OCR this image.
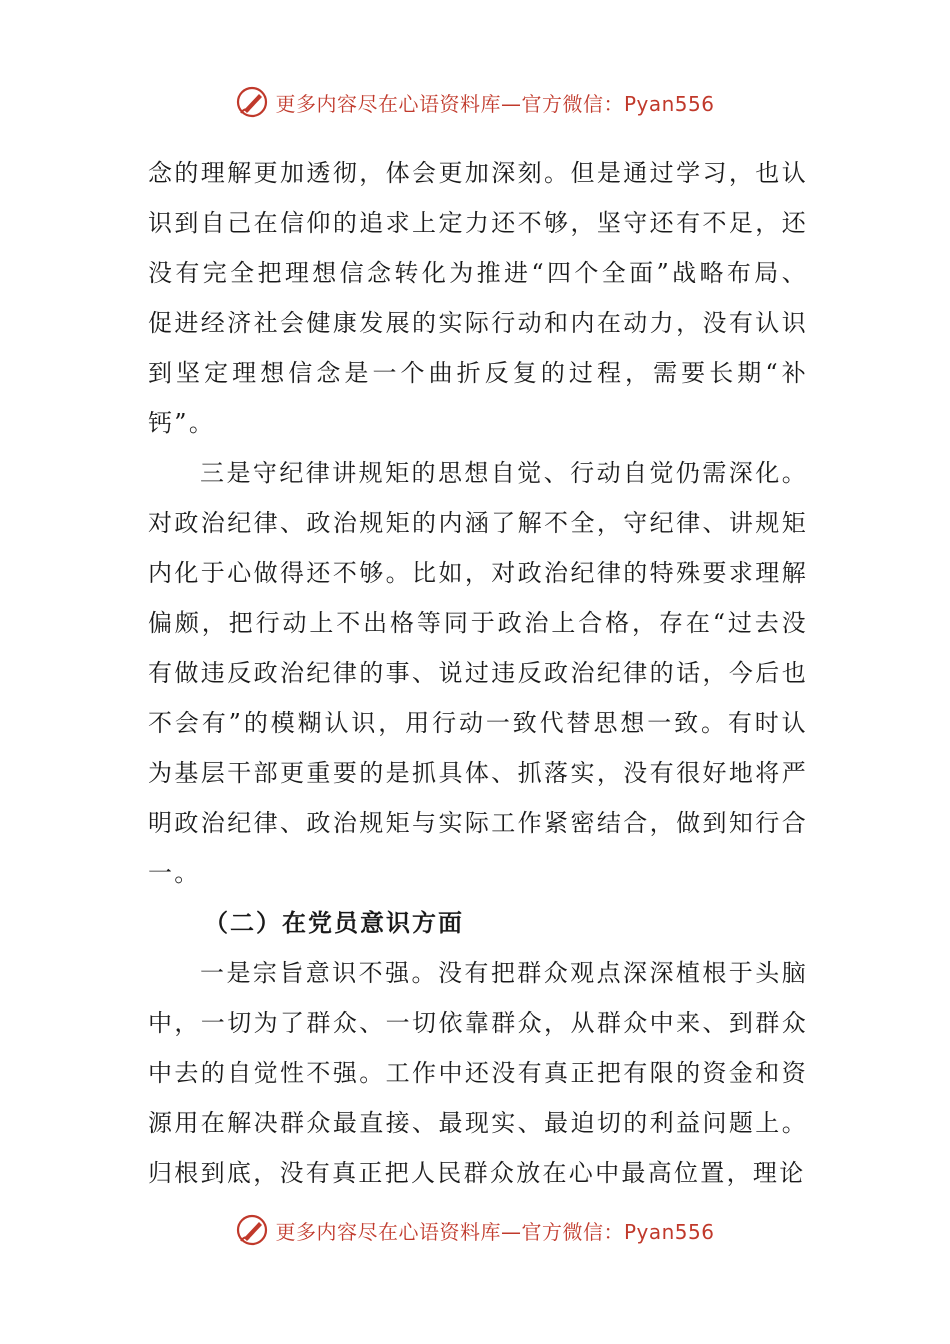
更多内容尽在心语资料库—官方微信：Pyan556

念的理解更加透彻，体会更加深刻。但是通过学习，也认识到自己在信仰的追求上定力还不够，坚守还有不足，还没有完全把理想信念转化为推进“四个全面”战略布局、促进经济社会健康发展的实际行动和内在动力，没有认识到坚定理想信念是一个曲折反复的过程，需要长期“补钙”。

三是守纪律讲规矩的思想自觉、行动自觉仍需深化。对政治纪律、政治规矩的内涵了解不全，守纪律、讲规矩内化于心做得还不够。比如，对政治纪律的特殊要求理解偏颇，把行动上不出格等同于政治上合格，存在“过去没有做违反政治纪律的事、说过违反政治纪律的话，今后也不会有”的模糊认识，用行动一致代替思想一致。有时认为基层干部更重要的是抓具体、抓落实，没有很好地将严明政治纪律、政治规矩与实际工作紧密结合，做到知行合一。

（二）在党员意识方面

一是宗旨意识不强。没有把群众观点深深植根于头脑中，一切为了群众、一切依靠群众，从群众中来、到群众中去的自觉性不强。工作中还没有真正把有限的资金和资源用在解决群众最直接、最现实、最迫切的利益问题上。归根到底，没有真正把人民群众放在心中最高位置，理论

更多内容尽在心语资料库—官方微信：Pyan556
